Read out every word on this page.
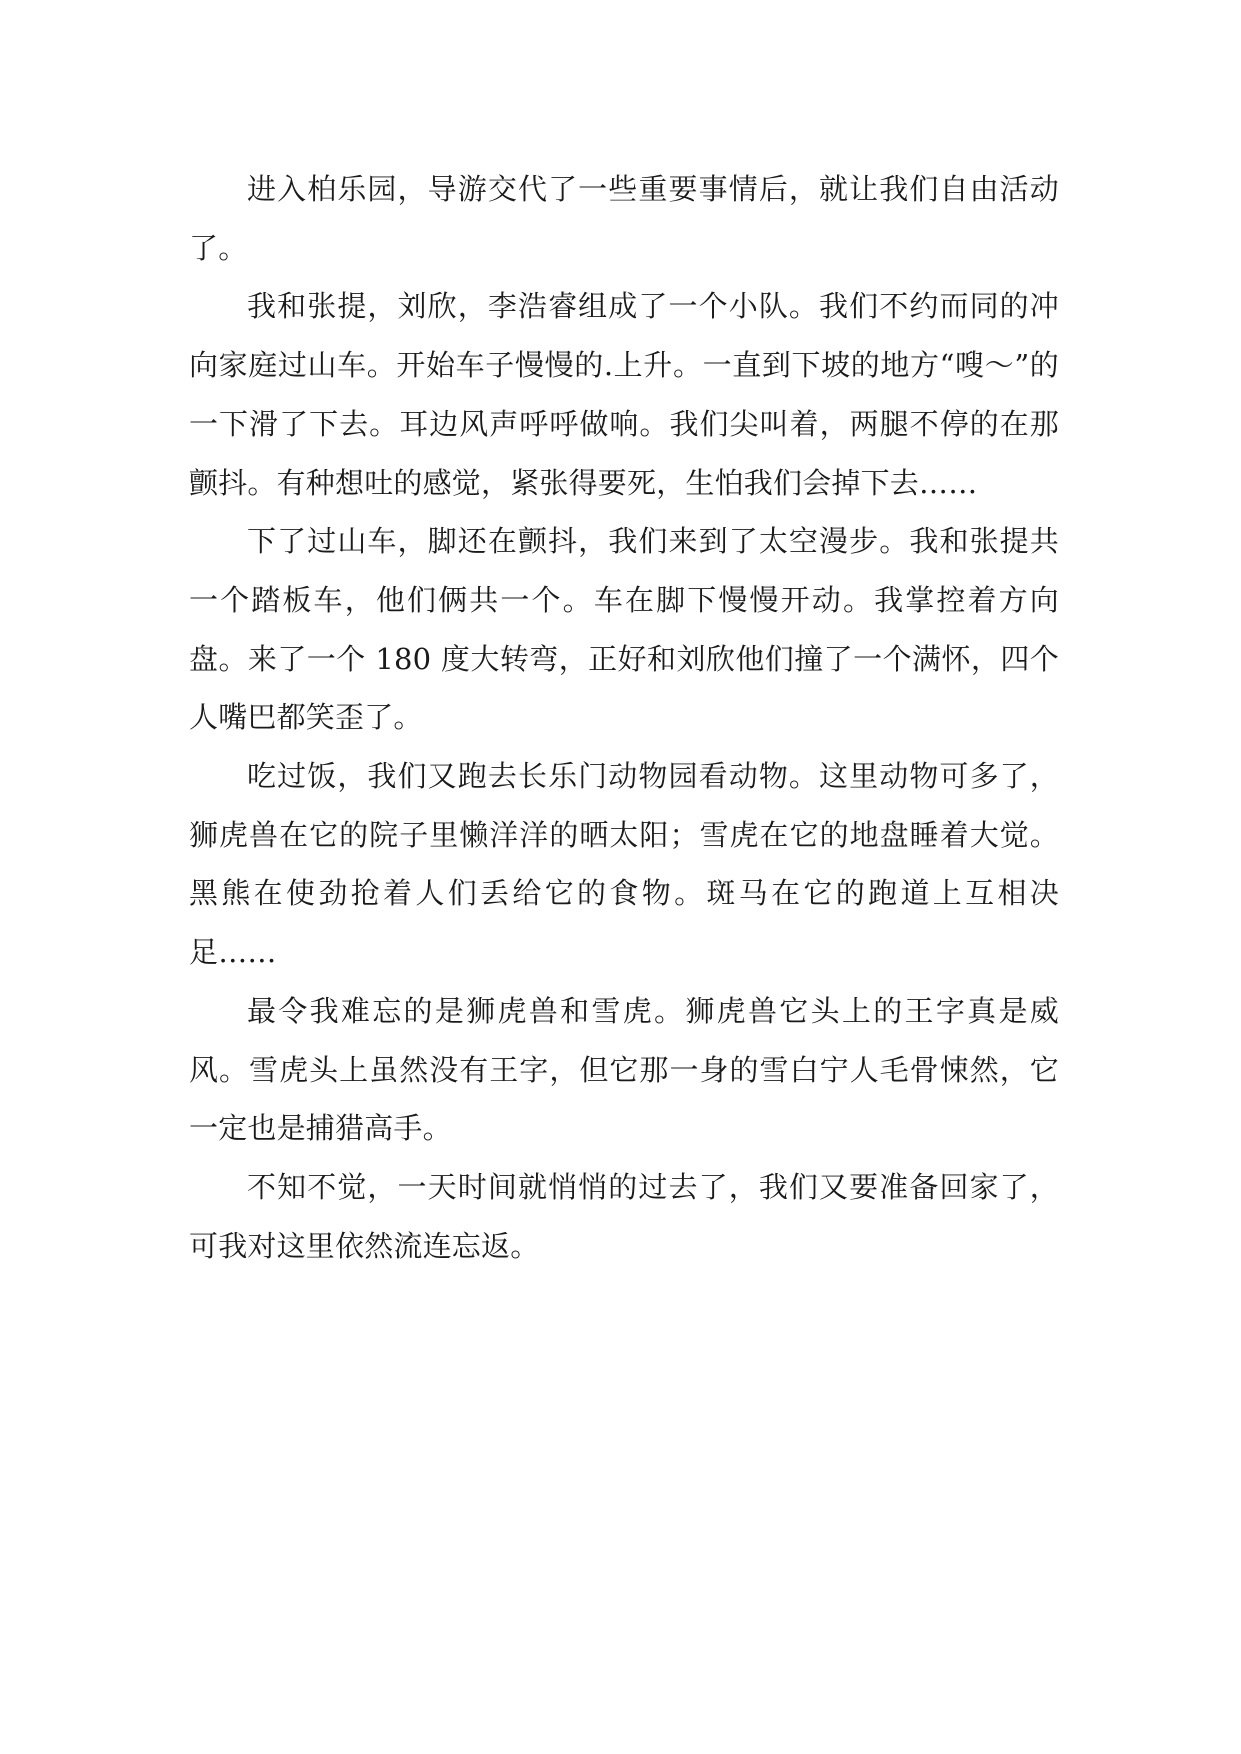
进入柏乐园，导游交代了一些重要事情后，就让我们自由活动了。

我和张提，刘欣，李浩睿组成了一个小队。我们不约而同的冲向家庭过山车。开始车子慢慢的.上升。一直到下坡的地方“嗖～”的一下滑了下去。耳边风声呼呼做响。我们尖叫着，两腿不停的在那颤抖。有种想吐的感觉，紧张得要死，生怕我们会掉下去……

下了过山车，脚还在颤抖，我们来到了太空漫步。我和张提共一个踏板车，他们俩共一个。车在脚下慢慢开动。我掌控着方向盘。来了一个 180 度大转弯，正好和刘欣他们撞了一个满怀，四个人嘴巴都笑歪了。

吃过饭，我们又跑去长乐门动物园看动物。这里动物可多了，狮虎兽在它的院子里懒洋洋的晒太阳；雪虎在它的地盘睡着大觉。黑熊在使劲抢着人们丢给它的食物。斑马在它的跑道上互相决足……

最令我难忘的是狮虎兽和雪虎。狮虎兽它头上的王字真是威风。雪虎头上虽然没有王字，但它那一身的雪白宁人毛骨悚然，它一定也是捕猎高手。

不知不觉，一天时间就悄悄的过去了，我们又要准备回家了，可我对这里依然流连忘返。
